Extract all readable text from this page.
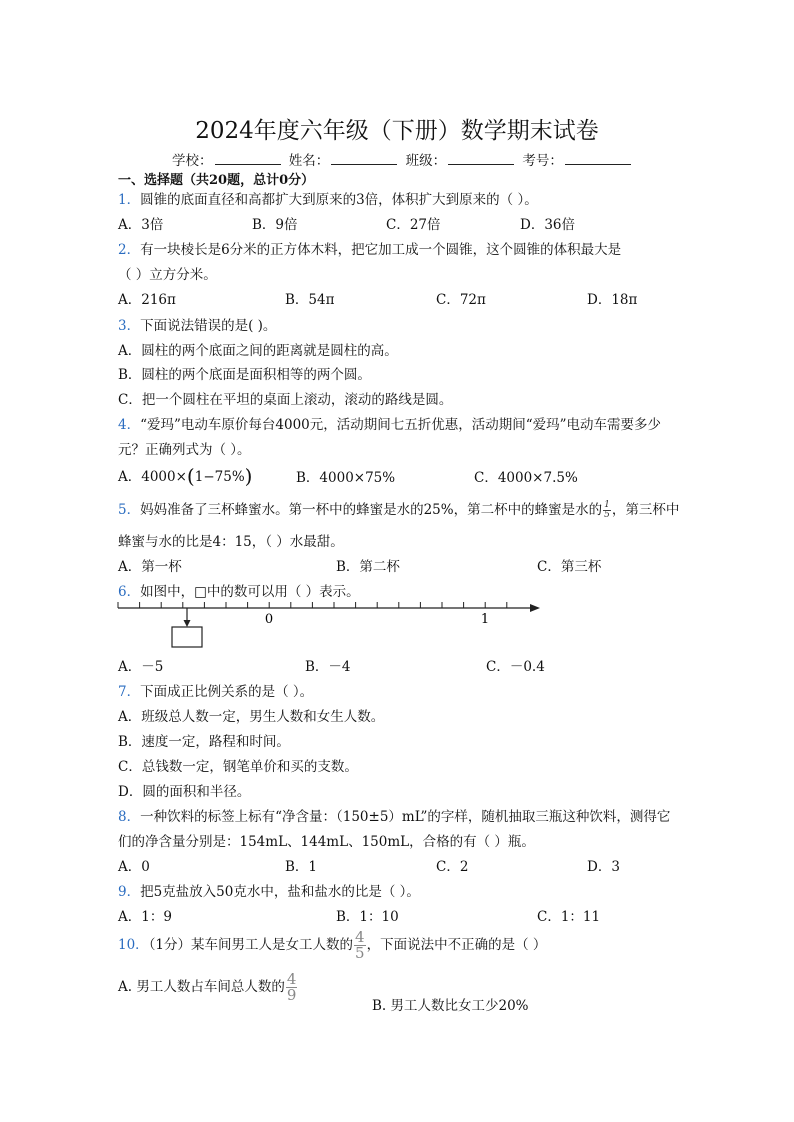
2024年度六年级（下册）数学期末试卷
学校：	姓名：	班级：	考号：
一、选择题（共20题，总计0分）
1．圆锥的底面直径和高都扩大到原来的3倍，体积扩大到原来的（ ）。
A．3倍	B．9倍	C．27倍	D．36倍
2．有一块棱长是6分米的正方体木料，把它加工成一个圆锥，这个圆锥的体积最大是
（ ）立方分米。
A．216π	B．54π	C．72π	D．18π
3．下面说法错误的是( )。
A．圆柱的两个底面之间的距离就是圆柱的高。
B．圆柱的两个底面是面积相等的两个圆。
C．把一个圆柱在平坦的桌面上滚动，滚动的路线是圆。
4．“爱玛”电动车原价每台4000元，活动期间七五折优惠，活动期间“爱玛”电动车需要多少
元？正确列式为（ ）。
A．4000×(1−75%)	B．4000×75%	C．4000×7.5%
5．妈妈准备了三杯蜂蜜水。第一杯中的蜂蜜是水的25%，第二杯中的蜂蜜是水的 $\frac{1}{5}$ ，第三杯中
蜂蜜与水的比是4：15，（ ）水最甜。
A．第一杯	B．第二杯	C．第三杯
6．如图中，□中的数可以用（ ）表示。
0	1
A．－5	B．－4	C．－0.4
7．下面成正比例关系的是（ ）。
A．班级总人数一定，男生人数和女生人数。
B．速度一定，路程和时间。
C．总钱数一定，钢笔单价和买的支数。
D．圆的面积和半径。
8．一种饮料的标签上标有“净含量：（150±5）mL”的字样，随机抽取三瓶这种饮料，测得它
们的净含量分别是：154mL、144mL、150mL，合格的有（ ）瓶。
A．0	B．1	C．2	D．3
9．把5克盐放入50克水中，盐和盐水的比是（ ）。
A．1：9	B．1：10	C．1：11
10．（1分）某车间男工人是女工人数的 $\frac{4}{5}$ ，下面说法中不正确的是（ ）
A. 男工人数占车间总人数的 $\frac{4}{9}$
B. 男工人数比女工少20%
